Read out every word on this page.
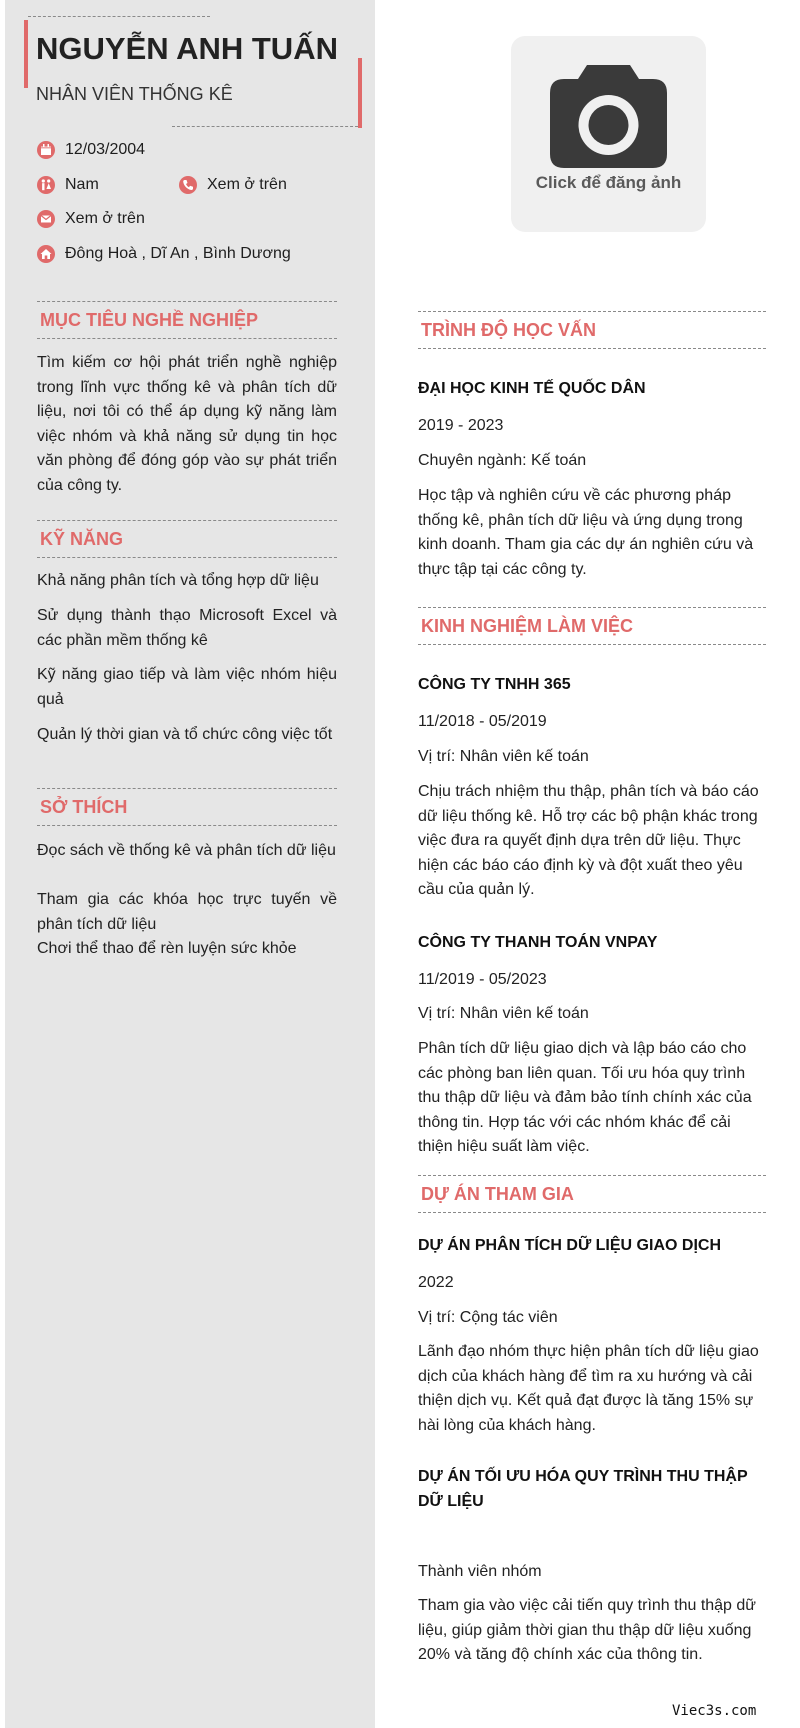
NGUYỄN ANH TUẤN
NHÂN VIÊN THỐNG KÊ
12/03/2004
Nam	Xem ở trên
Xem ở trên
Đông Hoà , Dĩ An , Bình Dương
MỤC TIÊU NGHỀ NGHIỆP
Tìm kiếm cơ hội phát triển nghề nghiệp trong lĩnh vực thống kê và phân tích dữ liệu, nơi tôi có thể áp dụng kỹ năng làm việc nhóm và khả năng sử dụng tin học văn phòng để đóng góp vào sự phát triển của công ty.
KỸ NĂNG
Khả năng phân tích và tổng hợp dữ liệu
Sử dụng thành thạo Microsoft Excel và các phần mềm thống kê
Kỹ năng giao tiếp và làm việc nhóm hiệu quả
Quản lý thời gian và tổ chức công việc tốt
SỞ THÍCH
Đọc sách về thống kê và phân tích dữ liệu
Tham gia các khóa học trực tuyến về phân tích dữ liệu
Chơi thể thao để rèn luyện sức khỏe
Click để đăng ảnh
TRÌNH ĐỘ HỌC VẤN
ĐẠI HỌC KINH TẾ QUỐC DÂN
2019 - 2023
Chuyên ngành: Kế toán
Học tập và nghiên cứu về các phương pháp thống kê, phân tích dữ liệu và ứng dụng trong kinh doanh. Tham gia các dự án nghiên cứu và thực tập tại các công ty.
KINH NGHIỆM LÀM VIỆC
CÔNG TY TNHH 365
11/2018 - 05/2019
Vị trí: Nhân viên kế toán
Chịu trách nhiệm thu thập, phân tích và báo cáo dữ liệu thống kê. Hỗ trợ các bộ phận khác trong việc đưa ra quyết định dựa trên dữ liệu. Thực hiện các báo cáo định kỳ và đột xuất theo yêu cầu của quản lý.
CÔNG TY THANH TOÁN VNPAY
11/2019 - 05/2023
Vị trí: Nhân viên kế toán
Phân tích dữ liệu giao dịch và lập báo cáo cho các phòng ban liên quan. Tối ưu hóa quy trình thu thập dữ liệu và đảm bảo tính chính xác của thông tin. Hợp tác với các nhóm khác để cải thiện hiệu suất làm việc.
DỰ ÁN THAM GIA
DỰ ÁN PHÂN TÍCH DỮ LIỆU GIAO DỊCH
2022
Vị trí: Cộng tác viên
Lãnh đạo nhóm thực hiện phân tích dữ liệu giao dịch của khách hàng để tìm ra xu hướng và cải thiện dịch vụ. Kết quả đạt được là tăng 15% sự hài lòng của khách hàng.
DỰ ÁN TỐI ƯU HÓA QUY TRÌNH THU THẬP DỮ LIỆU
Thành viên nhóm
Tham gia vào việc cải tiến quy trình thu thập dữ liệu, giúp giảm thời gian thu thập dữ liệu xuống 20% và tăng độ chính xác của thông tin.
Viec3s.com
